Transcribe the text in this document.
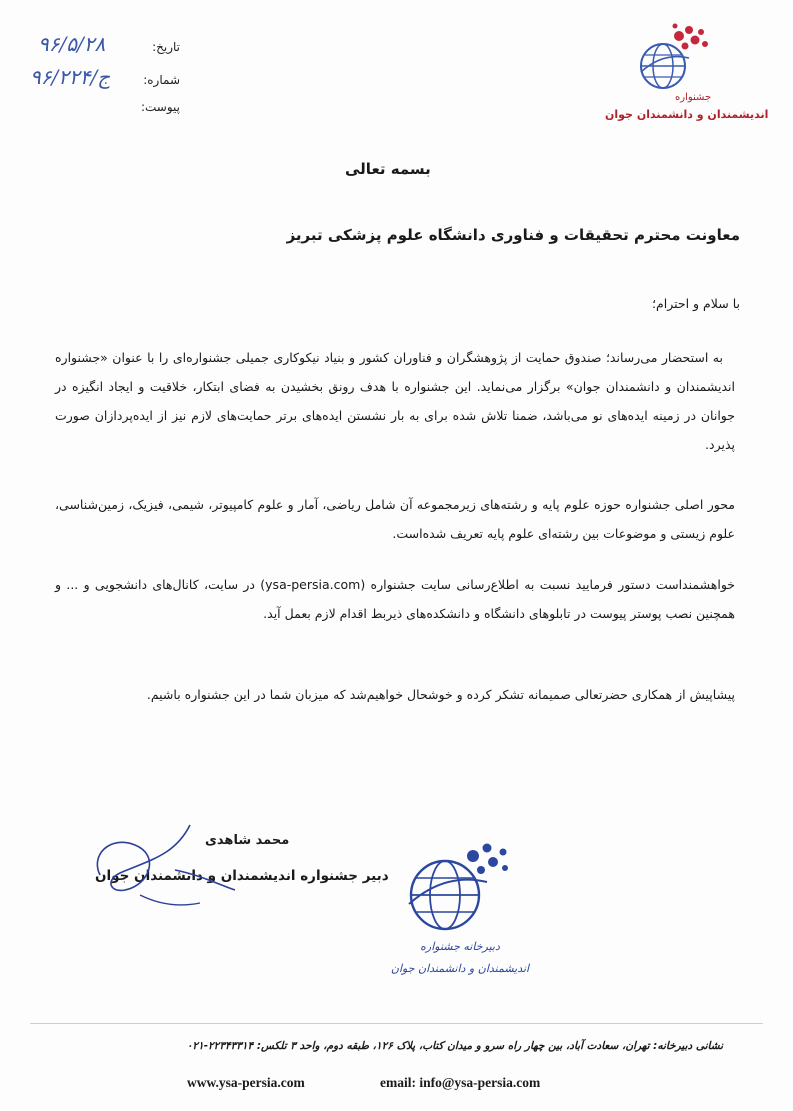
تاریخ:
۹۶/۵/۲۸
شماره:
۹۶/ج/۲۲۴
پیوست:
جشنواره
اندیشمندان و دانشمندان جوان
بسمه تعالی
معاونت محترم تحقیقات و فناوری دانشگاه علوم پزشکی تبریز
با سلام و احترام؛
به استحضار می‌رساند؛ صندوق حمایت از پژوهشگران و فناوران کشور و بنیاد نیکوکاری جمیلی جشنواره‌ای را با عنوان «جشنواره اندیشمندان و دانشمندان جوان» برگزار می‌نماید. این جشنواره با هدف رونق بخشیدن به فضای ابتکار، خلاقیت و ایجاد انگیزه در جوانان در زمینه ایده‌های نو می‌باشد، ضمنا تلاش شده برای به بار نشستن ایده‌های برتر حمایت‌های لازم نیز از ایده‌پردازان صورت پذیرد.
محور اصلی جشنواره حوزه علوم پایه و رشته‌های زیرمجموعه آن شامل ریاضی، آمار و علوم کامپیوتر، شیمی، فیزیک، زمین‌شناسی، علوم زیستی و موضوعات بین رشته‌ای علوم پایه تعریف شده‌است.
خواهشمنداست دستور فرمایید نسبت به اطلاع‌رسانی سایت جشنواره (ysa-persia.com) در سایت، کانال‌های دانشجویی و ... و همچنین نصب پوستر پیوست در تابلوهای دانشگاه و دانشکده‌های ذیربط اقدام لازم بعمل آید.
پیشاپیش از همکاری حضرتعالی صمیمانه تشکر کرده و خوشحال خواهیم‌شد که میزبان شما در این جشنواره باشیم.
محمد شاهدی
دبیر جشنواره اندیشمندان و دانشمندان جوان
دبیرخانه جشنواره
اندیشمندان و دانشمندان جوان
نشانی دبیرخانه: تهران، سعادت آباد، بین چهار راه سرو و میدان کتاب، پلاک ۱۲۶، طبقه دوم، واحد ۳ تلکس: ۲۲۳۴۳۳۱۴-۰۲۱
www.ysa-persia.com	email: info@ysa-persia.com
